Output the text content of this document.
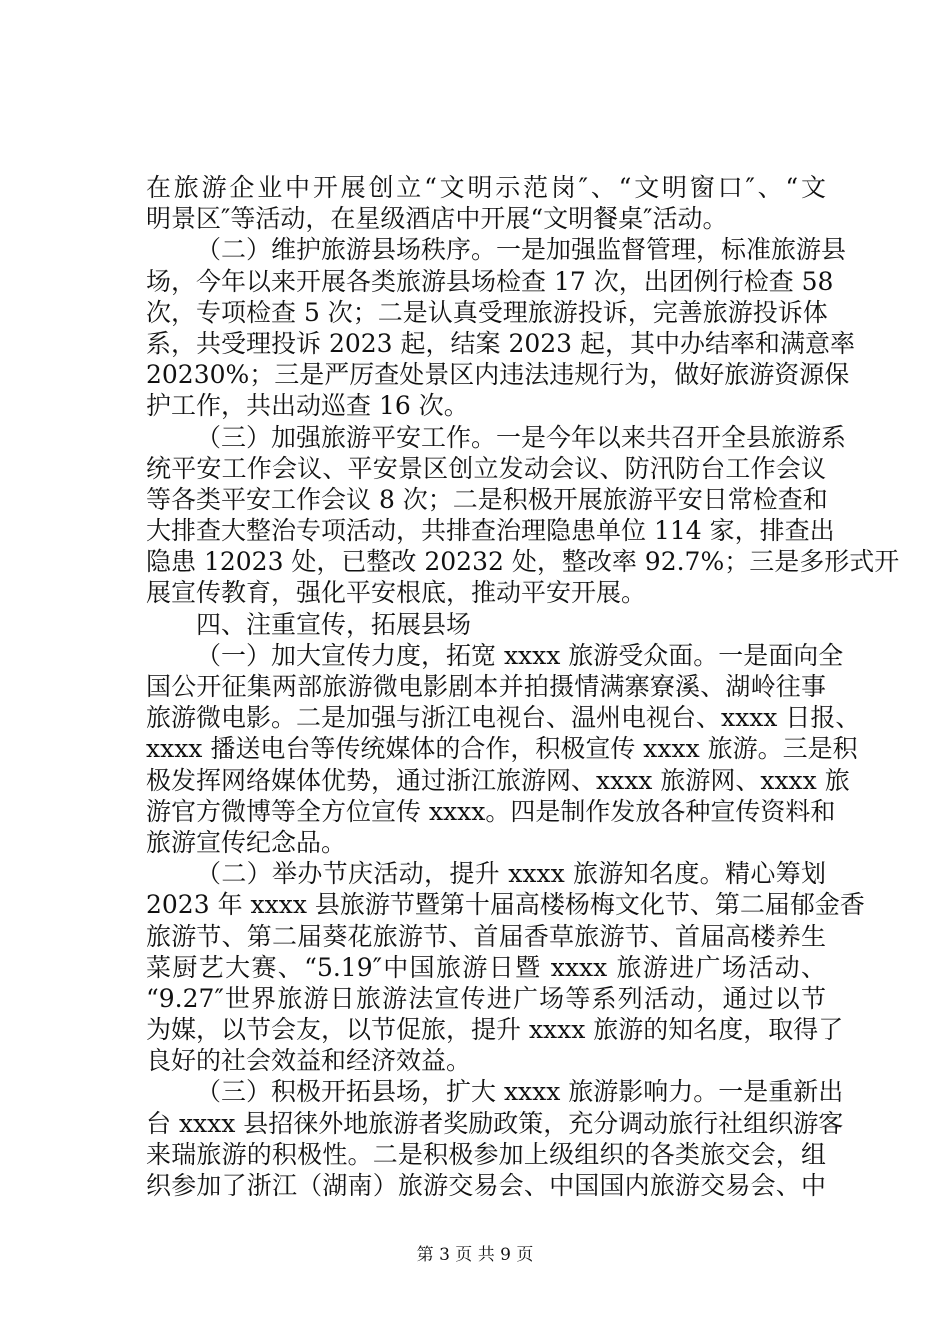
在旅游企业中开展创立“文明示范岗″、“文明窗口″、“文
明景区″等活动，在星级酒店中开展“文明餐桌″活动。
（二）维护旅游县场秩序。一是加强监督管理，标准旅游县
场，今年以来开展各类旅游县场检查 17 次，出团例行检查 58
次，专项检查 5 次；二是认真受理旅游投诉，完善旅游投诉体
系，共受理投诉 2023 起，结案 2023 起，其中办结率和满意率
20230%；三是严厉查处景区内违法违规行为，做好旅游资源保
护工作，共出动巡查 16 次。
（三）加强旅游平安工作。一是今年以来共召开全县旅游系
统平安工作会议、平安景区创立发动会议、防汛防台工作会议
等各类平安工作会议 8 次；二是积极开展旅游平安日常检查和
大排查大整治专项活动，共排查治理隐患单位 114 家，排查出
隐患 12023 处，已整改 20232 处，整改率 92.7%；三是多形式开
展宣传教育，强化平安根底，推动平安开展。
四、注重宣传，拓展县场
（一）加大宣传力度，拓宽 xxxx 旅游受众面。一是面向全
国公开征集两部旅游微电影剧本并拍摄情满寨寮溪、湖岭往事
旅游微电影。二是加强与浙江电视台、温州电视台、xxxx 日报、
xxxx 播送电台等传统媒体的合作，积极宣传 xxxx 旅游。三是积
极发挥网络媒体优势，通过浙江旅游网、xxxx 旅游网、xxxx 旅
游官方微博等全方位宣传 xxxx。四是制作发放各种宣传资料和
旅游宣传纪念品。
（二）举办节庆活动，提升 xxxx 旅游知名度。精心筹划
2023 年 xxxx 县旅游节暨第十届高楼杨梅文化节、第二届郁金香
旅游节、第二届葵花旅游节、首届香草旅游节、首届高楼养生
菜厨艺大赛、“5.19″中国旅游日暨 xxxx 旅游进广场活动、
“9.27″世界旅游日旅游法宣传进广场等系列活动，通过以节
为媒，以节会友，以节促旅，提升 xxxx 旅游的知名度，取得了
良好的社会效益和经济效益。
（三）积极开拓县场，扩大 xxxx 旅游影响力。一是重新出
台 xxxx 县招徕外地旅游者奖励政策，充分调动旅行社组织游客
来瑞旅游的积极性。二是积极参加上级组织的各类旅交会，组
织参加了浙江（湖南）旅游交易会、中国国内旅游交易会、中
第 3 页 共 9 页
